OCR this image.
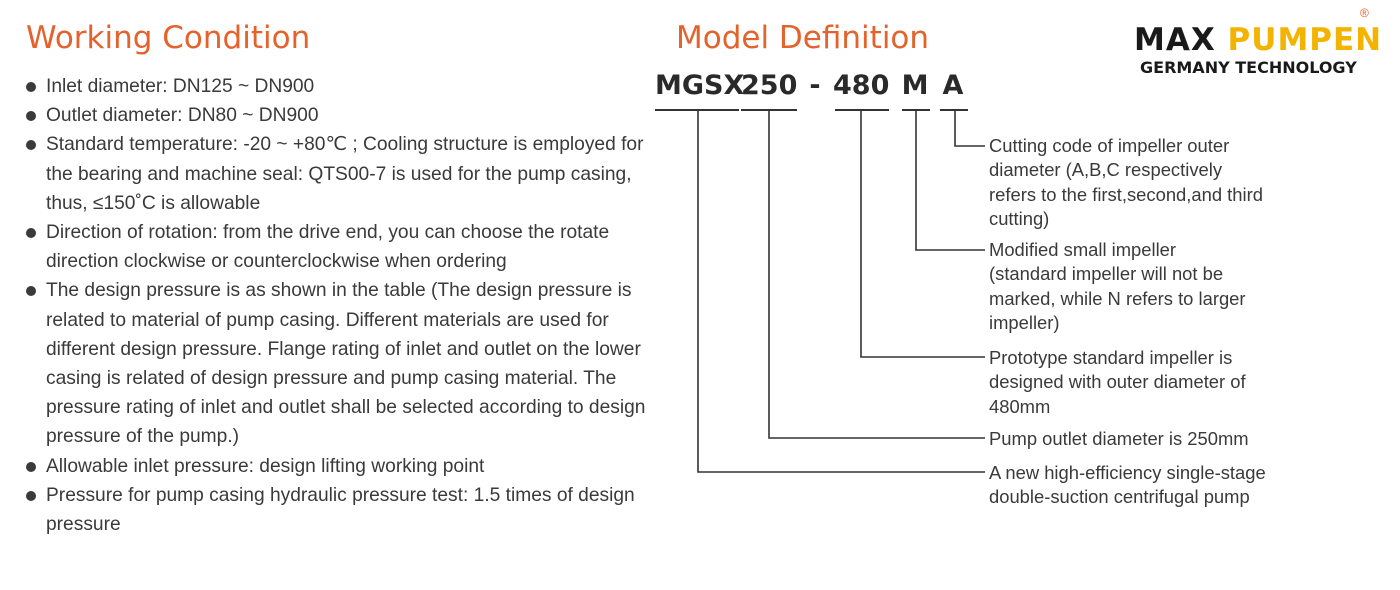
Working Condition
Inlet diameter: DN125 ~ DN900
Outlet diameter: DN80 ~ DN900
Standard temperature: -20 ~ +80℃ ; Cooling structure is employed for the bearing and machine seal: QTS00-7 is used for the pump casing, thus, ≤150˚C is allowable
Direction of rotation: from the drive end, you can choose the rotate direction clockwise or counterclockwise when ordering
The design pressure is as shown in the table (The design pressure is related to material of pump casing. Different materials are used for different design pressure. Flange rating of inlet and outlet on the lower casing is related of design pressure and pump casing material. The pressure rating of inlet and outlet shall be selected according to design pressure of the pump.)
Allowable inlet pressure: design lifting working point
Pressure for pump casing hydraulic pressure test: 1.5 times of design pressure
Model Definition
MGSX
250 - 480 M A
Cutting code of impeller outer
diameter (A,B,C respectively
refers to the first,second,and third
cutting)
Modified small impeller
(standard impeller will not be
marked, while N refers to larger
impeller)
Prototype standard impeller is
designed with outer diameter of
480mm
Pump outlet diameter is 250mm
A new high-efficiency single-stage
double-suction centrifugal pump
MAX PUMPEN
®
GERMANY TECHNOLOGY
